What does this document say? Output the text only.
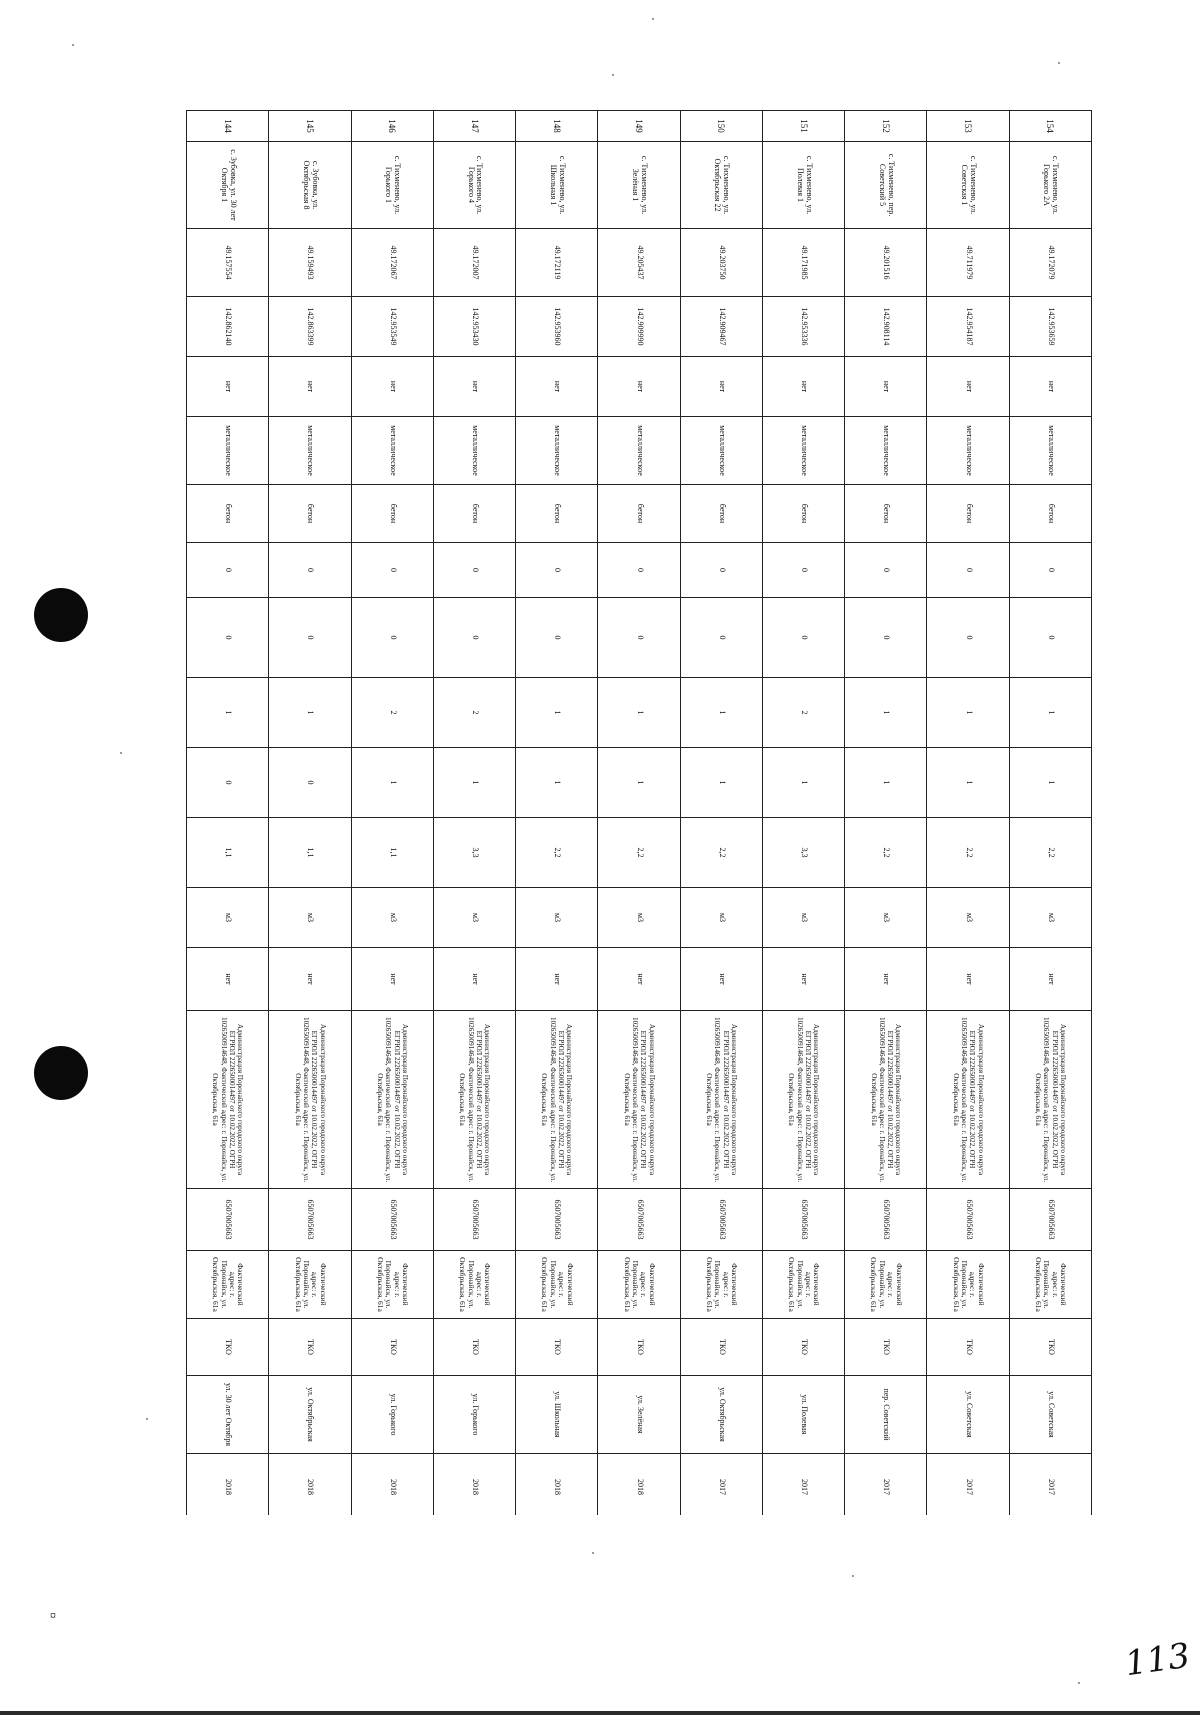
¤
154	с. Тихменево, ул. Горького 2А	49.172079	142.953659	нет	металлическое	бетон	0	0	1	1	2,2	м3	нет	Администрация Поронайского городского округа ЕГРЮЛ 2226500014497 от 10.02.2022, ОГРН 1026500914648, Фактический адрес: г. Поронайск, ул. Октябрьская, 61а	6507005663	Фактический адрес: г. Поронайск, ул. Октябрьская, 61а	ТКО	ул. Советская	2017	
153	с. Тихменево, ул. Советская 1	49.711979	142.954187	нет	металлическое	бетон	0	0	1	1	2,2	м3	нет	Администрация Поронайского городского округа ЕГРЮЛ 2226500014497 от 10.02.2022, ОГРН 1026500914648, Фактический адрес: г. Поронайск, ул. Октябрьская, 61а	6507005663	Фактический адрес: г. Поронайск, ул. Октябрьская, 61а	ТКО	ул. Советская	2017	
152	с. Тихменево, пер. Советский 5	49.201516	142.908114	нет	металлическое	бетон	0	0	1	1	2,2	м3	нет	Администрация Поронайского городского округа ЕГРЮЛ 2226500014497 от 10.02.2022, ОГРН 1026500914648, Фактический адрес: г. Поронайск, ул. Октябрьская, 61а	6507005663	Фактический адрес: г. Поронайск, ул. Октябрьская, 61а	ТКО	пер. Советский	2017	
151	с. Тихменево, ул. Полевая 1	49.171985	142.953336	нет	металлическое	бетон	0	0	2	1	3,3	м3	нет	Администрация Поронайского городского округа ЕГРЮЛ 2226500014497 от 10.02.2022, ОГРН 1026500914648, Фактический адрес: г. Поронайск, ул. Октябрьская, 61а	6507005663	Фактический адрес: г. Поронайск, ул. Октябрьская, 61а	ТКО	ул. Полевая	2017	
150	с. Тихменево, ул. Октябрьская 22	49.203750	142.909467	нет	металлическое	бетон	0	0	1	1	2,2	м3	нет	Администрация Поронайского городского округа ЕГРЮЛ 2226500014497 от 10.02.2022, ОГРН 1026500914648, Фактический адрес: г. Поронайск, ул. Октябрьская, 61а	6507005663	Фактический адрес: г. Поронайск, ул. Октябрьская, 61а	ТКО	ул. Октябрьская	2017	
149	с. Тихменево, ул. Зелёная 1	49.205437	142.909990	нет	металлическое	бетон	0	0	1	1	2,2	м3	нет	Администрация Поронайского городского округа ЕГРЮЛ 2226500014497 от 10.02.2022, ОГРН 1026500914648, Фактический адрес: г. Поронайск, ул. Октябрьская, 61а	6507005663	Фактический адрес: г. Поронайск, ул. Октябрьская, 61а	ТКО	ул. Зелёная	2018	
148	с. Тихменево, ул. Школьная 1	49.172119	142.953960	нет	металлическое	бетон	0	0	1	1	2,2	м3	нет	Администрация Поронайского городского округа ЕГРЮЛ 2226500014497 от 10.02.2022, ОГРН 1026500914648, Фактический адрес: г. Поронайск, ул. Октябрьская, 61а	6507005663	Фактический адрес: г. Поронайск, ул. Октябрьская, 61а	ТКО	ул. Школьная	2018	
147	с. Тихменево, ул. Горького 4	49.172007	142.953430	нет	металлическое	бетон	0	0	2	1	3,3	м3	нет	Администрация Поронайского городского округа ЕГРЮЛ 2226500014497 от 10.02.2022, ОГРН 1026500914648, Фактический адрес: г. Поронайск, ул. Октябрьская, 61а	6507005663	Фактический адрес: г. Поронайск, ул. Октябрьская, 61а	ТКО	ул. Горького	2018	
146	с. Тихменево, ул. Горького 1	49.172067	142.953549	нет	металлическое	бетон	0	0	2	1	1,1	м3	нет	Администрация Поронайского городского округа ЕГРЮЛ 2226500014497 от 10.02.2022, ОГРН 1026500914648, Фактический адрес: г. Поронайск, ул. Октябрьская, 61а	6507005663	Фактический адрес: г. Поронайск, ул. Октябрьская, 61а	ТКО	ул. Горького	2018	
145	с. Зубовка, ул. Октябрьская 8	49.159493	142.863399	нет	металлическое	бетон	0	0	1	0	1,1	м3	нет	Администрация Поронайского городского округа ЕГРЮЛ 2226500014497 от 10.02.2022, ОГРН 1026500914648, Фактический адрес: г. Поронайск, ул. Октябрьская, 61а	6507005663	Фактический адрес: г. Поронайск, ул. Октябрьская, 61а	ТКО	ул. Октябрьская	2018	
144	с. Зубовка, ул. 30 лет Октября 1	49.157554	142.862140	нет	металлическое	бетон	0	0	1	0	1,1	м3	нет	Администрация Поронайского городского округа ЕГРЮЛ 2226500014497 от 10.02.2022, ОГРН 1026500914648, Фактический адрес: г. Поронайск, ул. Октябрьская, 61а	6507005663	Фактический адрес: г. Поронайск, ул. Октябрьская, 61а	ТКО	ул. 30 лет Октября	2018	
113
